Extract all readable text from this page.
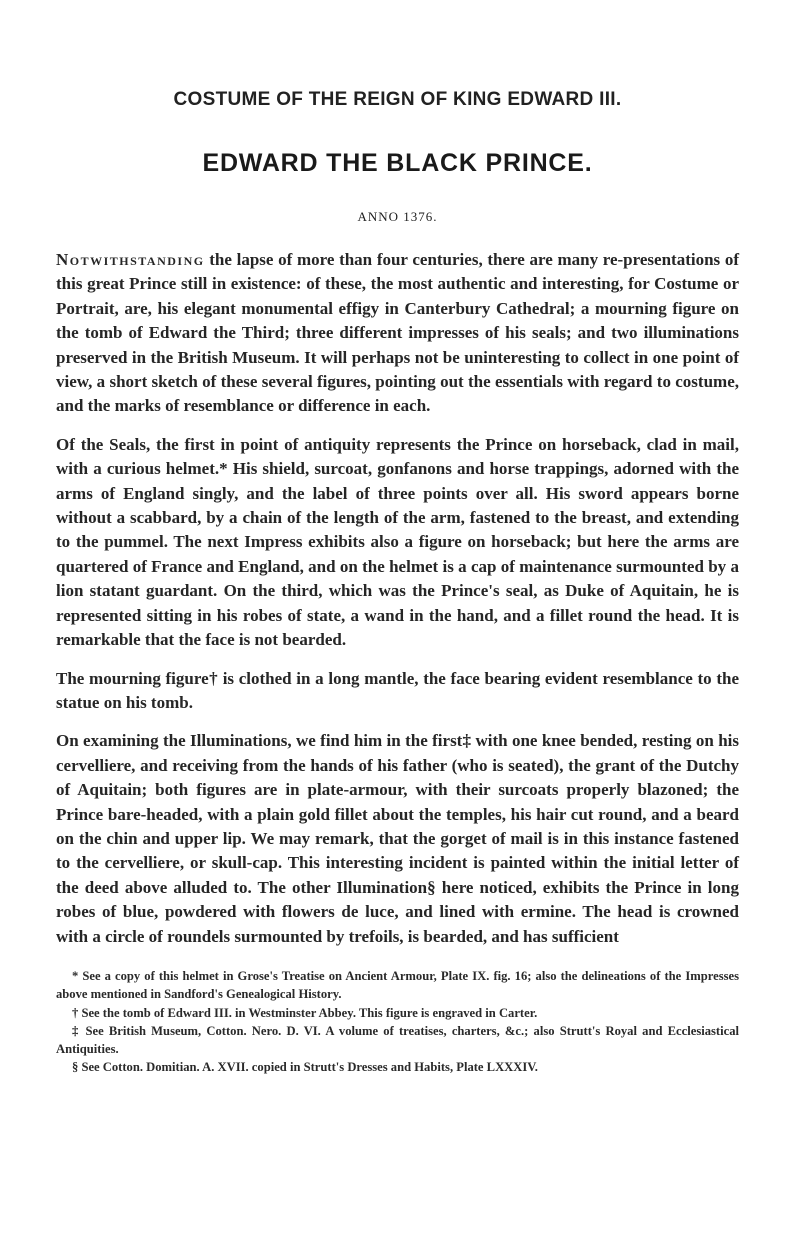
COSTUME OF THE REIGN OF KING EDWARD III.
EDWARD THE BLACK PRINCE.
ANNO 1376.

Notwithstanding the lapse of more than four centuries, there are many re-presentations of this great Prince still in existence: of these, the most authentic and interesting, for Costume or Portrait, are, his elegant monumental effigy in Canterbury Cathedral; a mourning figure on the tomb of Edward the Third; three different impresses of his seals; and two illuminations preserved in the British Museum. It will perhaps not be uninteresting to collect in one point of view, a short sketch of these several figures, pointing out the essentials with regard to costume, and the marks of resemblance or difference in each.

Of the Seals, the first in point of antiquity represents the Prince on horseback, clad in mail, with a curious helmet.* His shield, surcoat, gonfanons and horse trappings, adorned with the arms of England singly, and the label of three points over all. His sword appears borne without a scabbard, by a chain of the length of the arm, fastened to the breast, and extending to the pummel. The next Impress exhibits also a figure on horseback; but here the arms are quartered of France and England, and on the helmet is a cap of maintenance surmounted by a lion statant guardant. On the third, which was the Prince's seal, as Duke of Aquitain, he is represented sitting in his robes of state, a wand in the hand, and a fillet round the head. It is remarkable that the face is not bearded.

The mourning figure† is clothed in a long mantle, the face bearing evident resemblance to the statue on his tomb.

On examining the Illuminations, we find him in the first‡ with one knee bended, resting on his cervelliere, and receiving from the hands of his father (who is seated), the grant of the Dutchy of Aquitain; both figures are in plate-armour, with their surcoats properly blazoned; the Prince bare-headed, with a plain gold fillet about the temples, his hair cut round, and a beard on the chin and upper lip. We may remark, that the gorget of mail is in this instance fastened to the cervelliere, or skull-cap. This interesting incident is painted within the initial letter of the deed above alluded to. The other Illumination§ here noticed, exhibits the Prince in long robes of blue, powdered with flowers de luce, and lined with ermine. The head is crowned with a circle of roundels surmounted by trefoils, is bearded, and has sufficient

* See a copy of this helmet in Grose's Treatise on Ancient Armour, Plate IX. fig. 16; also the delineations of the Impresses above mentioned in Sandford's Genealogical History.

† See the tomb of Edward III. in Westminster Abbey. This figure is engraved in Carter.

‡ See British Museum, Cotton. Nero. D. VI. A volume of treatises, charters, &c.; also Strutt's Royal and Ecclesiastical Antiquities.

§ See Cotton. Domitian. A. XVII. copied in Strutt's Dresses and Habits, Plate LXXXIV.
